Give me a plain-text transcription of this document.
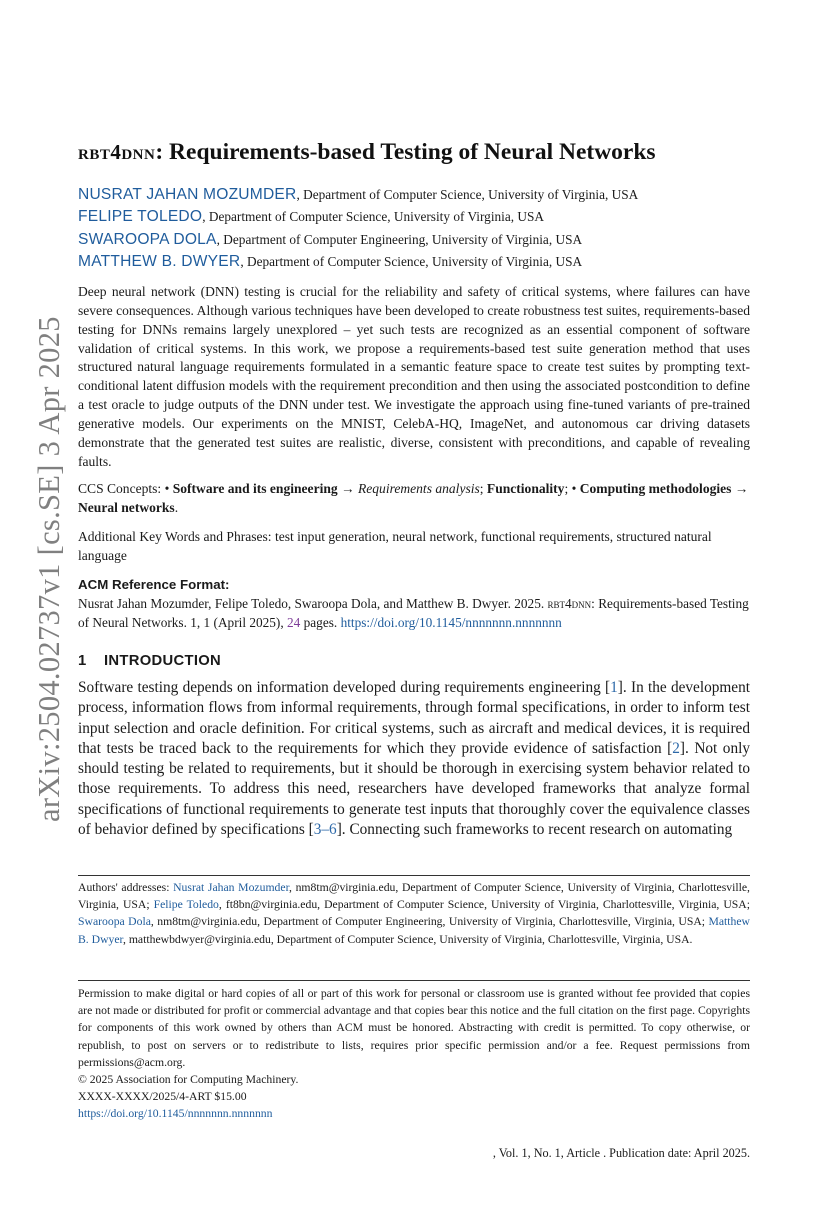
arXiv:2504.02737v1 [cs.SE] 3 Apr 2025
rbt4dnn: Requirements-based Testing of Neural Networks
NUSRAT JAHAN MOZUMDER, Department of Computer Science, University of Virginia, USA
FELIPE TOLEDO, Department of Computer Science, University of Virginia, USA
SWAROOPA DOLA, Department of Computer Engineering, University of Virginia, USA
MATTHEW B. DWYER, Department of Computer Science, University of Virginia, USA
Deep neural network (DNN) testing is crucial for the reliability and safety of critical systems, where failures can have severe consequences. Although various techniques have been developed to create robustness test suites, requirements-based testing for DNNs remains largely unexplored – yet such tests are recognized as an essential component of software validation of critical systems. In this work, we propose a requirements-based test suite generation method that uses structured natural language requirements formulated in a semantic feature space to create test suites by prompting text-conditional latent diffusion models with the requirement precondition and then using the associated postcondition to define a test oracle to judge outputs of the DNN under test. We investigate the approach using fine-tuned variants of pre-trained generative models. Our experiments on the MNIST, CelebA-HQ, ImageNet, and autonomous car driving datasets demonstrate that the generated test suites are realistic, diverse, consistent with preconditions, and capable of revealing faults.
CCS Concepts: • Software and its engineering → Requirements analysis; Functionality; • Computing methodologies → Neural networks.
Additional Key Words and Phrases: test input generation, neural network, functional requirements, structured natural language
ACM Reference Format:
Nusrat Jahan Mozumder, Felipe Toledo, Swaroopa Dola, and Matthew B. Dwyer. 2025. rbt4dnn: Requirements-based Testing of Neural Networks. 1, 1 (April 2025), 24 pages. https://doi.org/10.1145/nnnnnnn.nnnnnnn
1 INTRODUCTION
Software testing depends on information developed during requirements engineering [1]. In the development process, information flows from informal requirements, through formal specifications, in order to inform test input selection and oracle definition. For critical systems, such as aircraft and medical devices, it is required that tests be traced back to the requirements for which they provide evidence of satisfaction [2]. Not only should testing be related to requirements, but it should be thorough in exercising system behavior related to those requirements. To address this need, researchers have developed frameworks that analyze formal specifications of functional requirements to generate test inputs that thoroughly cover the equivalence classes of behavior defined by specifications [3–6]. Connecting such frameworks to recent research on automating
Authors' addresses: Nusrat Jahan Mozumder, nm8tm@virginia.edu, Department of Computer Science, University of Virginia, Charlottesville, Virginia, USA; Felipe Toledo, ft8bn@virginia.edu, Department of Computer Science, University of Virginia, Charlottesville, Virginia, USA; Swaroopa Dola, nm8tm@virginia.edu, Department of Computer Engineering, University of Virginia, Charlottesville, Virginia, USA; Matthew B. Dwyer, matthewbdwyer@virginia.edu, Department of Computer Science, University of Virginia, Charlottesville, Virginia, USA.
Permission to make digital or hard copies of all or part of this work for personal or classroom use is granted without fee provided that copies are not made or distributed for profit or commercial advantage and that copies bear this notice and the full citation on the first page. Copyrights for components of this work owned by others than ACM must be honored. Abstracting with credit is permitted. To copy otherwise, or republish, to post on servers or to redistribute to lists, requires prior specific permission and/or a fee. Request permissions from permissions@acm.org.
© 2025 Association for Computing Machinery.
XXXX-XXXX/2025/4-ART $15.00
https://doi.org/10.1145/nnnnnnn.nnnnnnn
, Vol. 1, No. 1, Article . Publication date: April 2025.
